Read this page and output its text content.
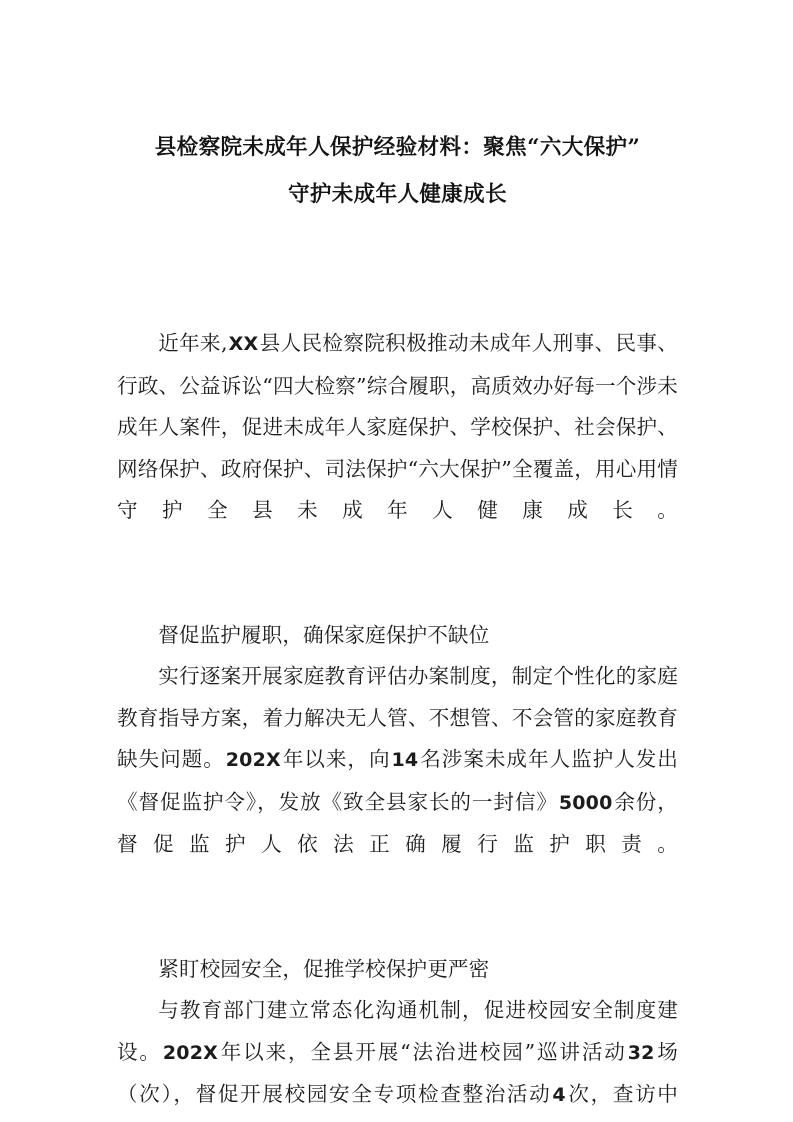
县检察院未成年人保护经验材料：聚焦“六大保护”
守护未成年人健康成长

近年来,XX县人民检察院积极推动未成年人刑事、民事、行政、公益诉讼“四大检察”综合履职，高质效办好每一个涉未成年人案件，促进未成年人家庭保护、学校保护、社会保护、网络保护、政府保护、司法保护“六大保护”全覆盖，用心用情守护全县未成年人健康成长。

督促监护履职，确保家庭保护不缺位

实行逐案开展家庭教育评估办案制度，制定个性化的家庭教育指导方案，着力解决无人管、不想管、不会管的家庭教育缺失问题。202X年以来，向14名涉案未成年人监护人发出《督促监护令》，发放《致全县家长的一封信》5000余份，督促监护人依法正确履行监护职责。

紧盯校园安全，促推学校保护更严密

与教育部门建立常态化沟通机制，促进校园安全制度建设。202X年以来，全县开展“法治进校园”巡讲活动32场（次），督促开展校园安全专项检查整治活动4次，查访中
